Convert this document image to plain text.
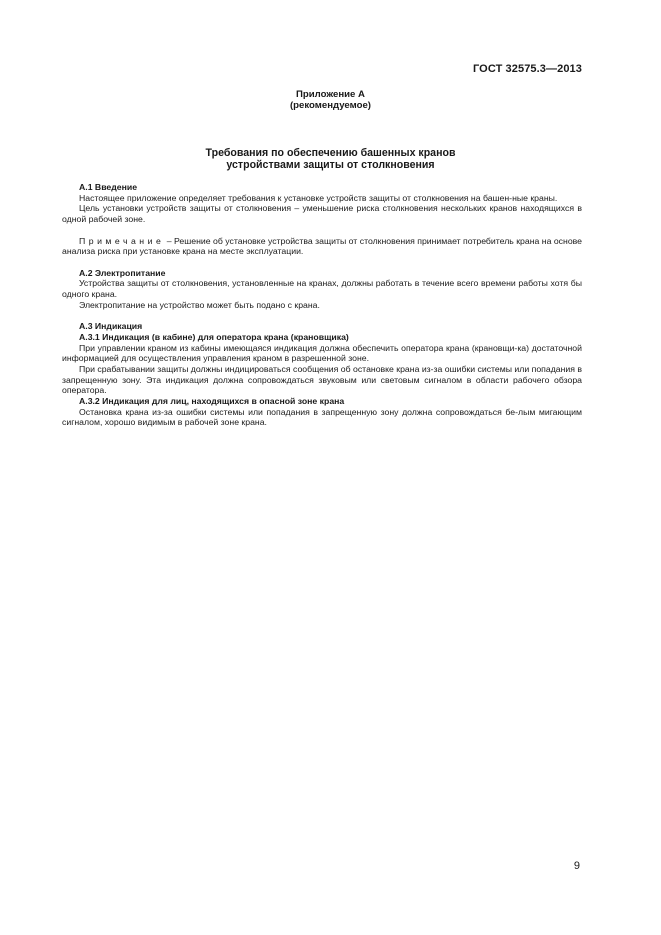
ГОСТ 32575.3—2013
Приложение А
(рекомендуемое)
Требования по обеспечению башенных кранов
устройствами защиты от столкновения
А.1 Введение
Настоящее приложение определяет требования к установке устройств защиты от столкновения на башен-ные краны.
Цель установки устройств защиты от столкновения – уменьшение риска столкновения нескольких кранов находящихся в одной рабочей зоне.
Примечание – Решение об установке устройства защиты от столкновения принимает потребитель крана на основе анализа риска при установке крана на месте эксплуатации.
А.2 Электропитание
Устройства защиты от столкновения, установленные на кранах, должны работать в течение всего времени работы хотя бы одного крана.
Электропитание на устройство может быть подано с крана.
А.3 Индикация
А.3.1 Индикация (в кабине) для оператора крана (крановщика)
При управлении краном из кабины имеющаяся индикация должна обеспечить оператора крана (крановщи-ка) достаточной информацией для осуществления управления краном в разрешенной зоне.
При срабатывании защиты должны индицироваться сообщения об остановке крана из-за ошибки системы или попадания в запрещенную зону. Эта индикация должна сопровождаться звуковым или световым сигналом в области рабочего обзора оператора.
А.3.2 Индикация для лиц, находящихся в опасной зоне крана
Остановка крана из-за ошибки системы или попадания в запрещенную зону должна сопровождаться бе-лым мигающим сигналом, хорошо видимым в рабочей зоне крана.
9
